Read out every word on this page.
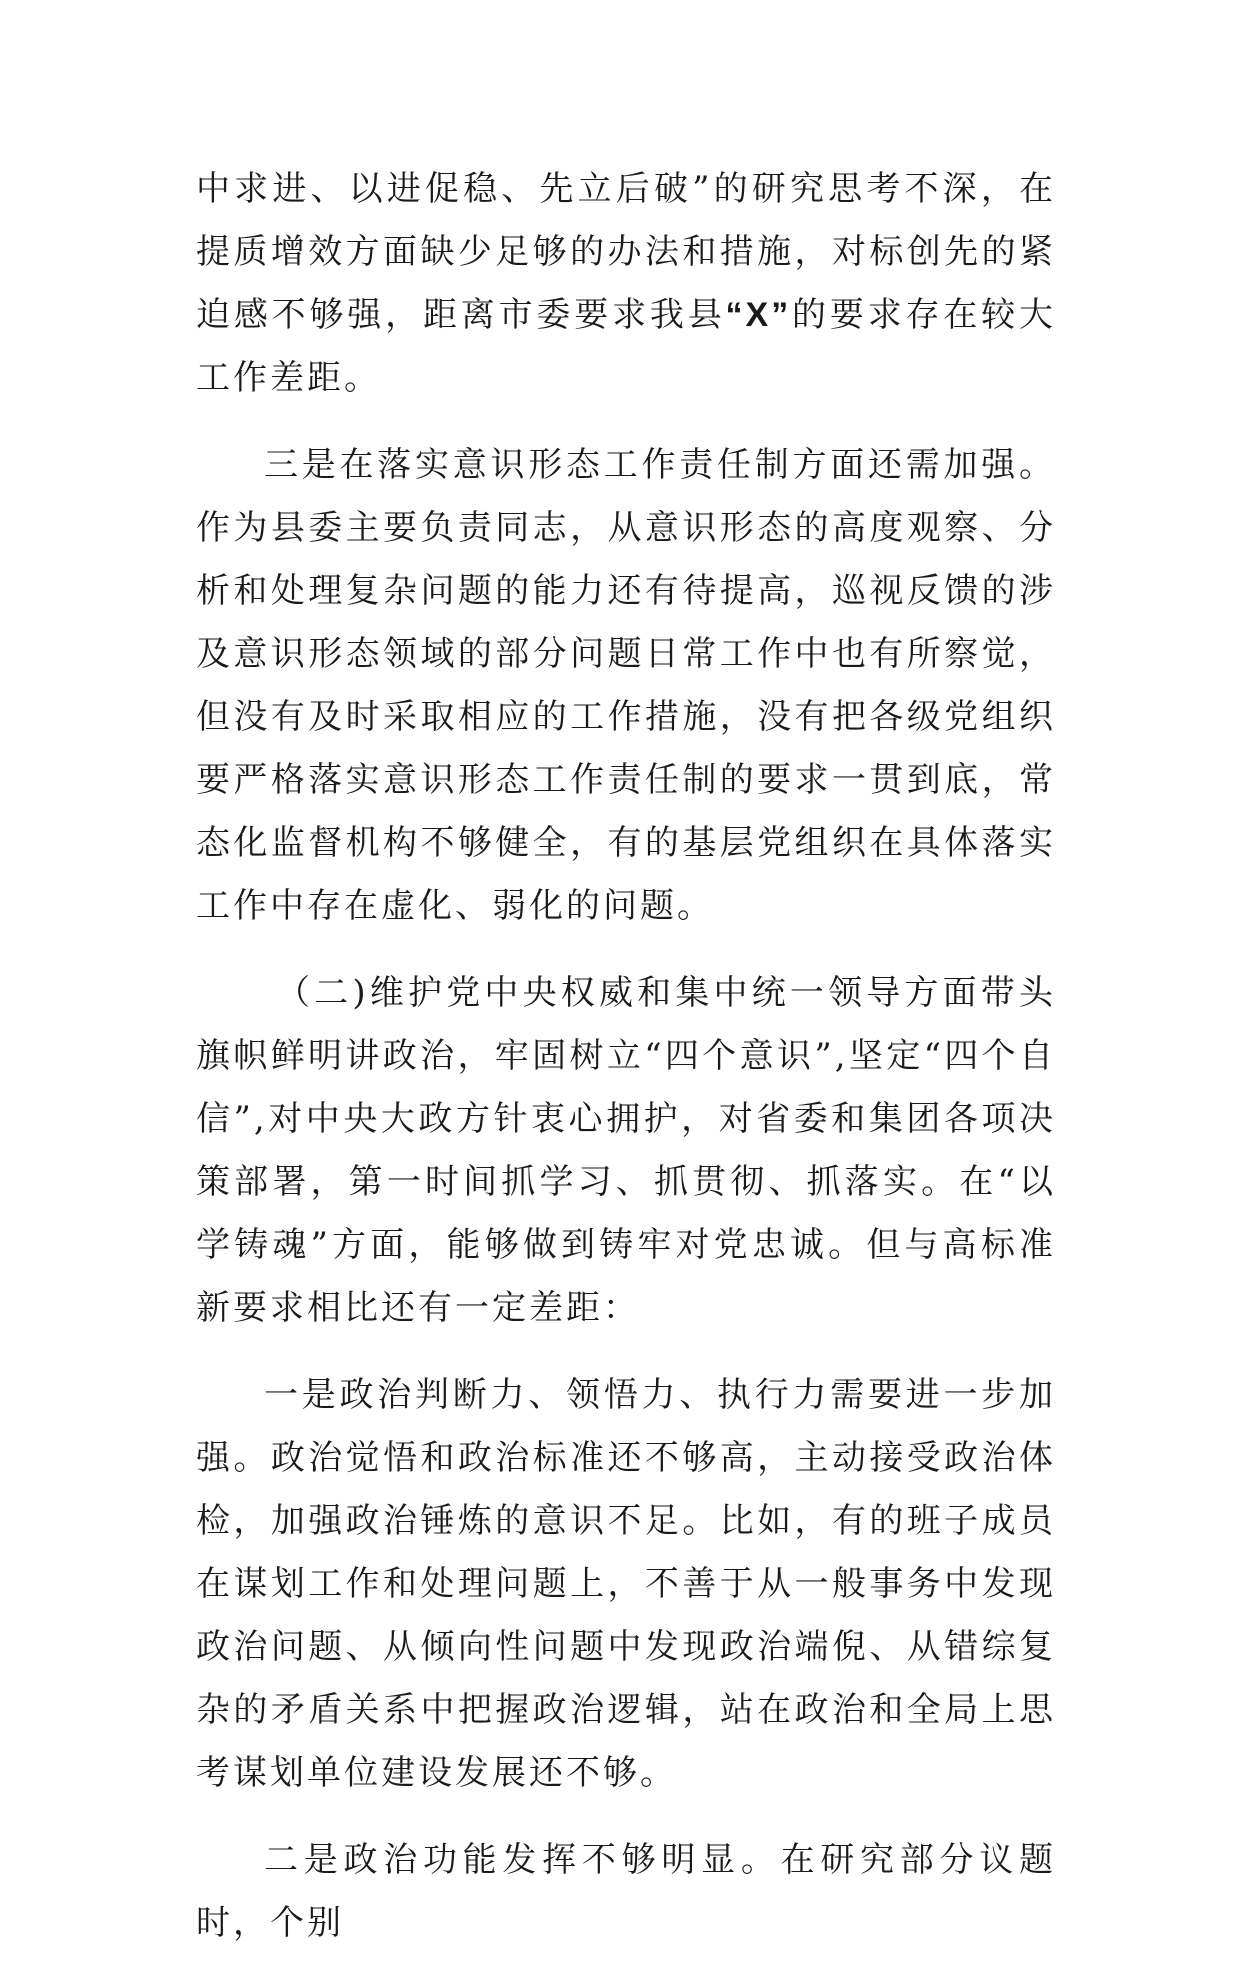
中求进、以进促稳、先立后破”的研究思考不深，在提质增效方面缺少足够的办法和措施，对标创先的紧迫感不够强，距离市委要求我县“X”的要求存在较大工作差距。

三是在落实意识形态工作责任制方面还需加强。作为县委主要负责同志，从意识形态的高度观察、分析和处理复杂问题的能力还有待提高，巡视反馈的涉及意识形态领域的部分问题日常工作中也有所察觉，但没有及时采取相应的工作措施，没有把各级党组织要严格落实意识形态工作责任制的要求一贯到底，常态化监督机构不够健全，有的基层党组织在具体落实工作中存在虚化、弱化的问题。

（二)维护党中央权威和集中统一领导方面带头旗帜鲜明讲政治，牢固树立“四个意识”,坚定“四个自信”,对中央大政方针衷心拥护，对省委和集团各项决策部署，第一时间抓学习、抓贯彻、抓落实。在“以学铸魂”方面，能够做到铸牢对党忠诚。但与高标准新要求相比还有一定差距：

一是政治判断力、领悟力、执行力需要进一步加强。政治觉悟和政治标准还不够高，主动接受政治体检，加强政治锤炼的意识不足。比如，有的班子成员在谋划工作和处理问题上，不善于从一般事务中发现政治问题、从倾向性问题中发现政治端倪、从错综复杂的矛盾关系中把握政治逻辑，站在政治和全局上思考谋划单位建设发展还不够。

二是政治功能发挥不够明显。在研究部分议题时，个别
